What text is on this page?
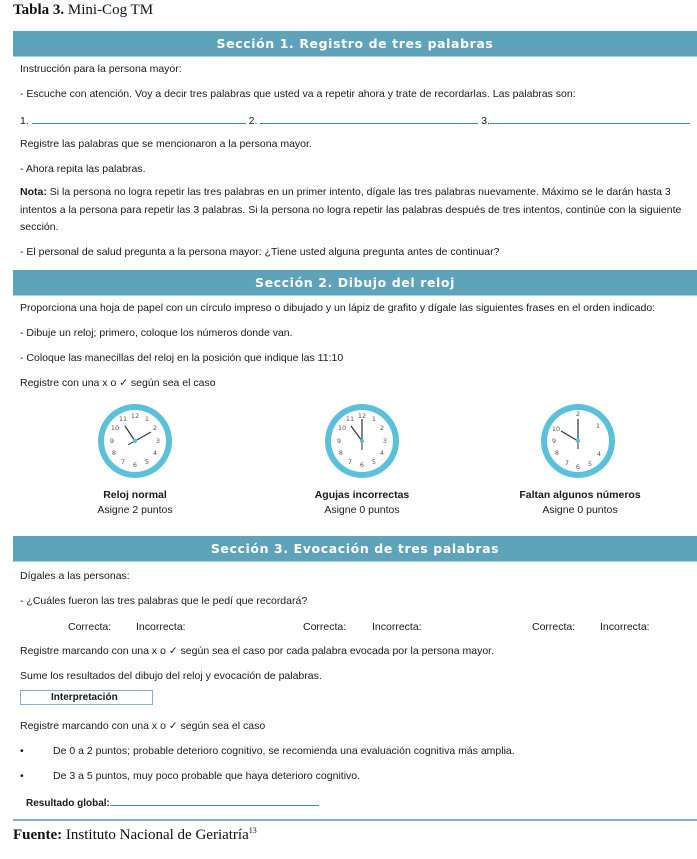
Tabla 3. Mini-Cog TM
Sección 1. Registro de tres palabras
Instrucción para la persona mayor:
- Escuche con atención. Voy a decir tres palabras que usted va a repetir ahora y trate de recordarlas. Las palabras son:
1.	2.	3.
Registre las palabras que se mencionaron a la persona mayor.
- Ahora repita las palabras.
Nota: Si la persona no logra repetir las tres palabras en un primer intento, dígale las tres palabras nuevamente. Máximo se le darán hasta 3 intentos a la persona para repetir las 3 palabras. Si la persona no logra repetir las palabras después de tres intentos, continúe con la siguiente sección.
- El personal de salud pregunta a la persona mayor: ¿Tiene usted alguna pregunta antes de continuar?
Sección 2. Dibujo del reloj
Proporciona una hoja de papel con un círculo impreso o dibujado y un lápiz de grafito y dígale las siguientes frases en el orden indicado:
- Dibuje un reloj; primero, coloque los números donde van.
- Coloque las manecillas del reloj en la posición que indique las 11:10
Registre con una x o ✓ según sea el caso
12 1
2
3
4
5
6
7
8
9
10
11
Reloj normal
Asigne 2 puntos
12 1
2
3
4
5
6
7
8
9
10
11
Agujas incorrectas
Asigne 0 puntos
2
1
4
5
6
7
8
9
10
Faltan algunos números
Asigne 0 puntos
Sección 3. Evocación de tres palabras
Dígales a las personas:
- ¿Cuáles fueron las tres palabras que le pedí que recordará?
Correcta: Incorrecta:	Correcta: Incorrecta:	Correcta: Incorrecta:
Registre marcando con una x o ✓ según sea el caso por cada palabra evocada por la persona mayor.
Sume los resultados del dibujo del reloj y evocación de palabras.
Interpretación
Registre marcando con una x o ✓ según sea el caso
•	De 0 a 2 puntos; probable deterioro cognitivo, se recomienda una evaluación cognitiva más amplia.
•	De 3 a 5 puntos, muy poco probable que haya deterioro cognitivo.
Resultado global:
Fuente: Instituto Nacional de Geriatría$^{13}$
